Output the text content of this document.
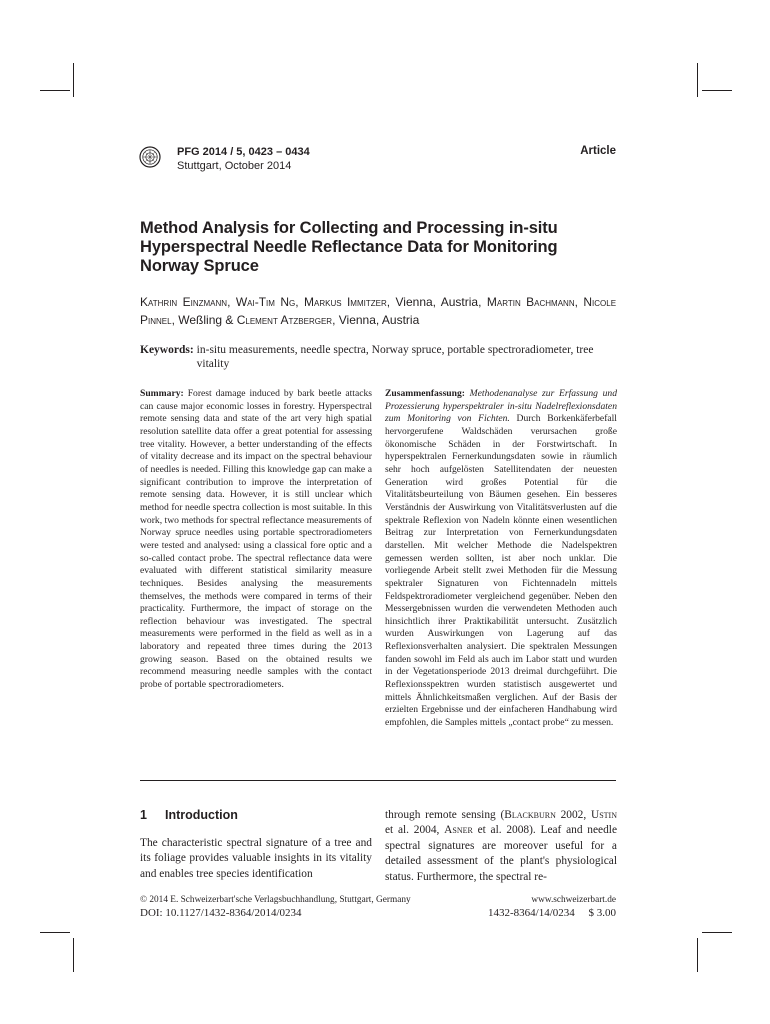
PFG 2014 / 5, 0423 – 0434
Stuttgart, October 2014
Article
Method Analysis for Collecting and Processing in-situ Hyperspectral Needle Reflectance Data for Monitoring Norway Spruce
Kathrin Einzmann, Wai-Tim Ng, Markus Immitzer, Vienna, Austria, Martin Bachmann, Nicole Pinnel, Weßling & Clement Atzberger, Vienna, Austria
Keywords: in-situ measurements, needle spectra, Norway spruce, portable spectroradiometer, tree vitality
Summary: Forest damage induced by bark beetle attacks can cause major economic losses in forestry. Hyperspectral remote sensing data and state of the art very high spatial resolution satellite data offer a great potential for assessing tree vitality. However, a better understanding of the effects of vitality decrease and its impact on the spectral behaviour of needles is needed. Filling this knowledge gap can make a significant contribution to improve the interpretation of remote sensing data. However, it is still unclear which method for needle spectra collection is most suitable. In this work, two methods for spectral reflectance measurements of Norway spruce needles using portable spectroradiometers were tested and analysed: using a classical fore optic and a so-called contact probe. The spectral reflectance data were evaluated with different statistical similarity measure techniques. Besides analysing the measurements themselves, the methods were compared in terms of their practicality. Furthermore, the impact of storage on the reflection behaviour was investigated. The spectral measurements were performed in the field as well as in a laboratory and repeated three times during the 2013 growing season. Based on the obtained results we recommend measuring needle samples with the contact probe of portable spectroradiometers.
Zusammenfassung: Methodenanalyse zur Erfassung und Prozessierung hyperspektraler in-situ Nadelreflexionsdaten zum Monitoring von Fichten. Durch Borkenkäferbefall hervorgerufene Waldschäden verursachen große ökonomische Schäden in der Forstwirtschaft. In hyperspektralen Fernerkundungsdaten sowie in räumlich sehr hoch aufgelösten Satellitendaten der neuesten Generation wird großes Potential für die Vitalitätsbeurteilung von Bäumen gesehen. Ein besseres Verständnis der Auswirkung von Vitalitätsverlusten auf die spektrale Reflexion von Nadeln könnte einen wesentlichen Beitrag zur Interpretation von Fernerkundungsdaten darstellen. Mit welcher Methode die Nadelspektren gemessen werden sollten, ist aber noch unklar. Die vorliegende Arbeit stellt zwei Methoden für die Messung spektraler Signaturen von Fichtennadeln mittels Feldspektroradiometer vergleichend gegenüber. Neben den Messergebnissen wurden die verwendeten Methoden auch hinsichtlich ihrer Praktikabilität untersucht. Zusätzlich wurden Auswirkungen von Lagerung auf das Reflexionsverhalten analysiert. Die spektralen Messungen fanden sowohl im Feld als auch im Labor statt und wurden in der Vegetationsperiode 2013 dreimal durchgeführt. Die Reflexionsspektren wurden statistisch ausgewertet und mittels Ähnlichkeitsmaßen verglichen. Auf der Basis der erzielten Ergebnisse und der einfacheren Handhabung wird empfohlen, die Samples mittels „contact probe“ zu messen.
1 Introduction
The characteristic spectral signature of a tree and its foliage provides valuable insights in its vitality and enables tree species identification
through remote sensing (Blackburn 2002, Ustin et al. 2004, Asner et al. 2008). Leaf and needle spectral signatures are moreover useful for a detailed assessment of the plant's physiological status. Furthermore, the spectral re-
© 2014 E. Schweizerbart'sche Verlagsbuchhandlung, Stuttgart, Germany
DOI: 10.1127/1432-8364/2014/0234
www.schweizerbart.de
1432-8364/14/0234     $ 3.00
